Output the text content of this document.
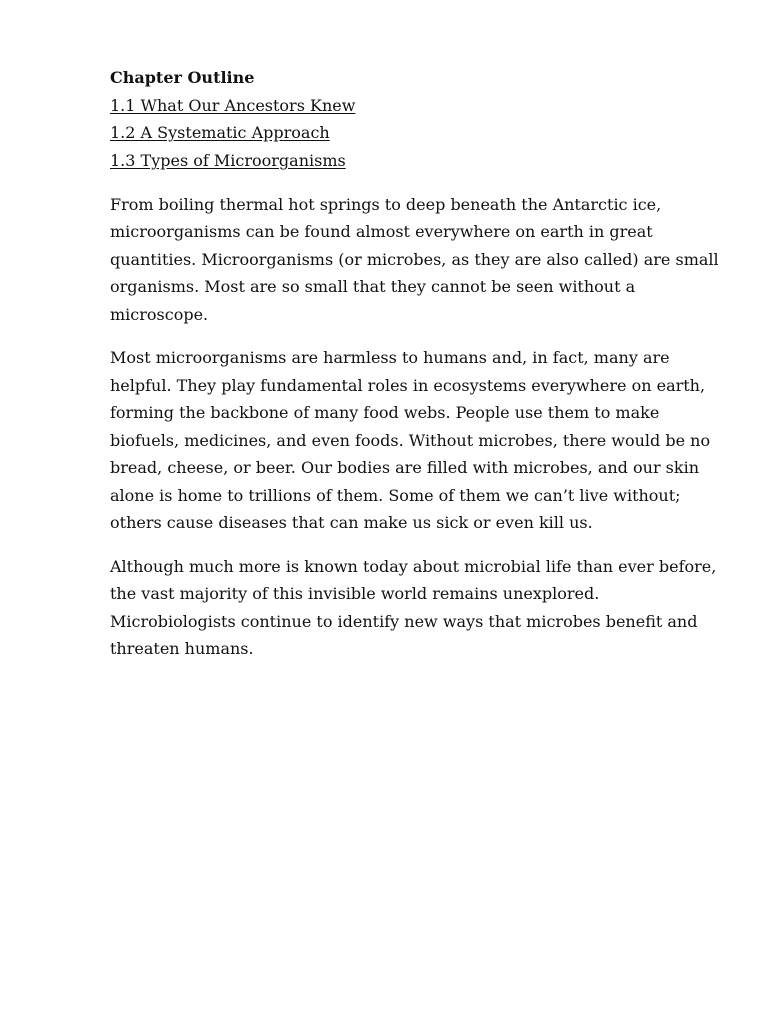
Chapter Outline
1.1 What Our Ancestors Knew
1.2 A Systematic Approach
1.3 Types of Microorganisms

From boiling thermal hot springs to deep beneath the Antarctic ice, microorganisms can be found almost everywhere on earth in great quantities. Microorganisms (or microbes, as they are also called) are small organisms. Most are so small that they cannot be seen without a microscope.

Most microorganisms are harmless to humans and, in fact, many are helpful. They play fundamental roles in ecosystems everywhere on earth, forming the backbone of many food webs. People use them to make biofuels, medicines, and even foods. Without microbes, there would be no bread, cheese, or beer. Our bodies are filled with microbes, and our skin alone is home to trillions of them. Some of them we can’t live without; others cause diseases that can make us sick or even kill us.

Although much more is known today about microbial life than ever before, the vast majority of this invisible world remains unexplored. Microbiologists continue to identify new ways that microbes benefit and threaten humans.
